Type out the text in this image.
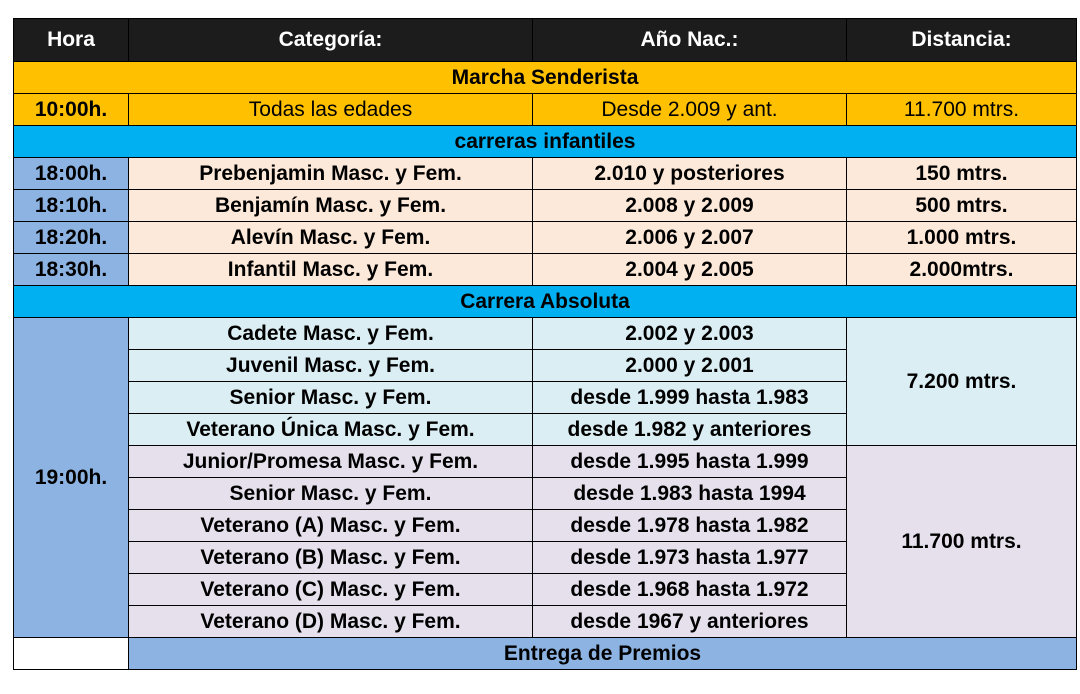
Hora	Categoría:	Año Nac.:	Distancia:
Marcha Senderista			
10:00h.	Todas las edades	Desde 2.009 y ant.	11.700 mtrs.
carreras infantiles			
18:00h.	Prebenjamin Masc. y Fem.	2.010 y posteriores	150 mtrs.
18:10h.	Benjamín Masc. y Fem.	2.008 y 2.009	500 mtrs.
18:20h.	Alevín Masc. y Fem.	2.006 y 2.007	1.000 mtrs.
18:30h.	Infantil Masc. y Fem.	2.004 y 2.005	2.000mtrs.
Carrera Absoluta			
19:00h.	Cadete Masc. y Fem.	2.002 y 2.003	7.200 mtrs.
	Juvenil Masc. y Fem.	2.000 y 2.001	
	Senior Masc. y Fem.	desde 1.999 hasta 1.983	
	Veterano Única Masc. y Fem.	desde 1.982 y anteriores	
	Junior/Promesa Masc. y Fem.	desde 1.995 hasta 1.999	11.700 mtrs.
	Senior Masc. y Fem.	desde 1.983 hasta 1994	
	Veterano (A) Masc. y Fem.	desde 1.978 hasta 1.982	
	Veterano (B) Masc. y Fem.	desde 1.973 hasta 1.977	
	Veterano (C) Masc. y Fem.	desde 1.968 hasta 1.972	
	Veterano (D) Masc. y Fem.	desde 1967 y anteriores	
	Entrega de Premios		
